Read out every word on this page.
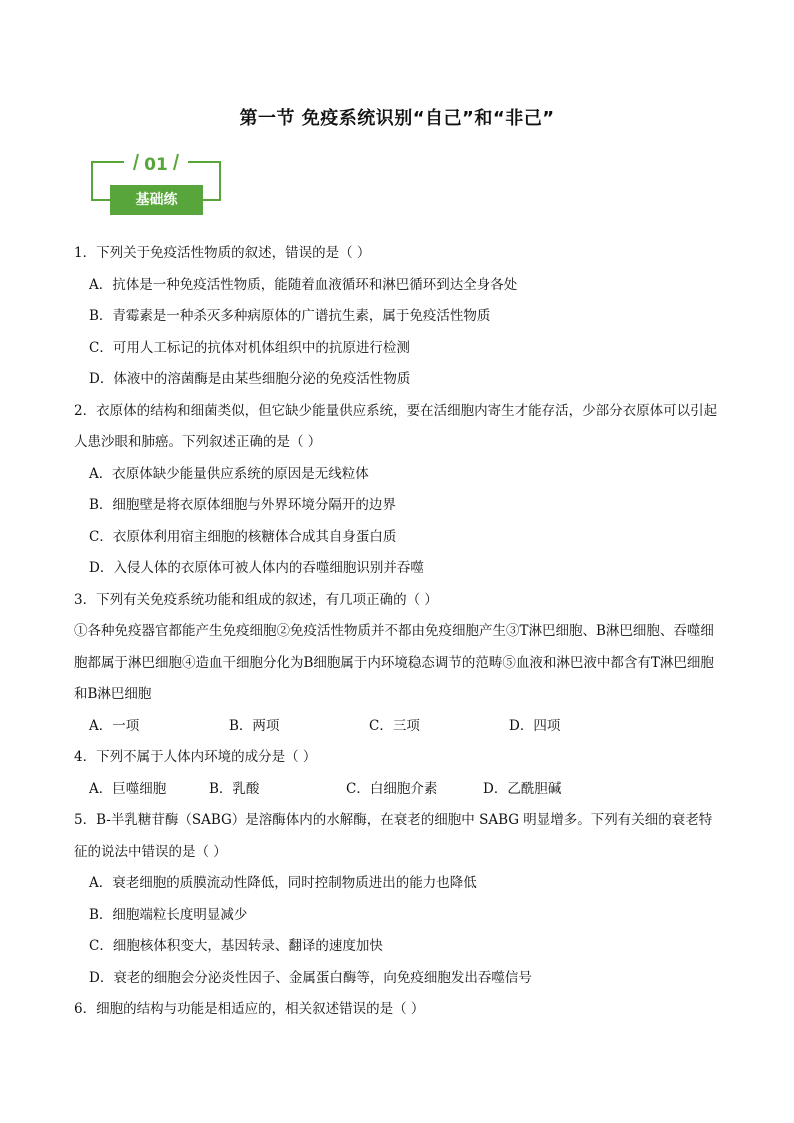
第一节 免疫系统识别“自己”和“非己”
01
基础练

1．下列关于免疫活性物质的叙述，错误的是（ ）

A．抗体是一种免疫活性物质，能随着血液循环和淋巴循环到达全身各处

B．青霉素是一种杀灭多种病原体的广谱抗生素，属于免疫活性物质

C．可用人工标记的抗体对机体组织中的抗原进行检测

D．体液中的溶菌酶是由某些细胞分泌的免疫活性物质

2．衣原体的结构和细菌类似，但它缺少能量供应系统，要在活细胞内寄生才能存活，少部分衣原体可以引起人患沙眼和肺癌。下列叙述正确的是（ ）

A．衣原体缺少能量供应系统的原因是无线粒体

B．细胞壁是将衣原体细胞与外界环境分隔开的边界

C．衣原体利用宿主细胞的核糖体合成其自身蛋白质

D．入侵人体的衣原体可被人体内的吞噬细胞识别并吞噬

3．下列有关免疫系统功能和组成的叙述，有几项正确的（ ）

①各种免疫器官都能产生免疫细胞②免疫活性物质并不都由免疫细胞产生③T淋巴细胞、B淋巴细胞、吞噬细胞都属于淋巴细胞④造血干细胞分化为B细胞属于内环境稳态调节的范畴⑤血液和淋巴液中都含有T淋巴细胞和B淋巴细胞

A．一项	B．两项	C．三项	D．四项

4．下列不属于人体内环境的成分是（ ）

A．巨噬细胞	B．乳酸	C．白细胞介素	D．乙酰胆碱

5．B-半乳糖苷酶（SABG）是溶酶体内的水解酶，在衰老的细胞中 SABG 明显增多。下列有关细的衰老特征的说法中错误的是（ ）

A．衰老细胞的质膜流动性降低，同时控制物质进出的能力也降低

B．细胞端粒长度明显减少

C．细胞核体积变大，基因转录、翻译的速度加快

D．衰老的细胞会分泌炎性因子、金属蛋白酶等，向免疫细胞发出吞噬信号

6．细胞的结构与功能是相适应的，相关叙述错误的是（ ）
